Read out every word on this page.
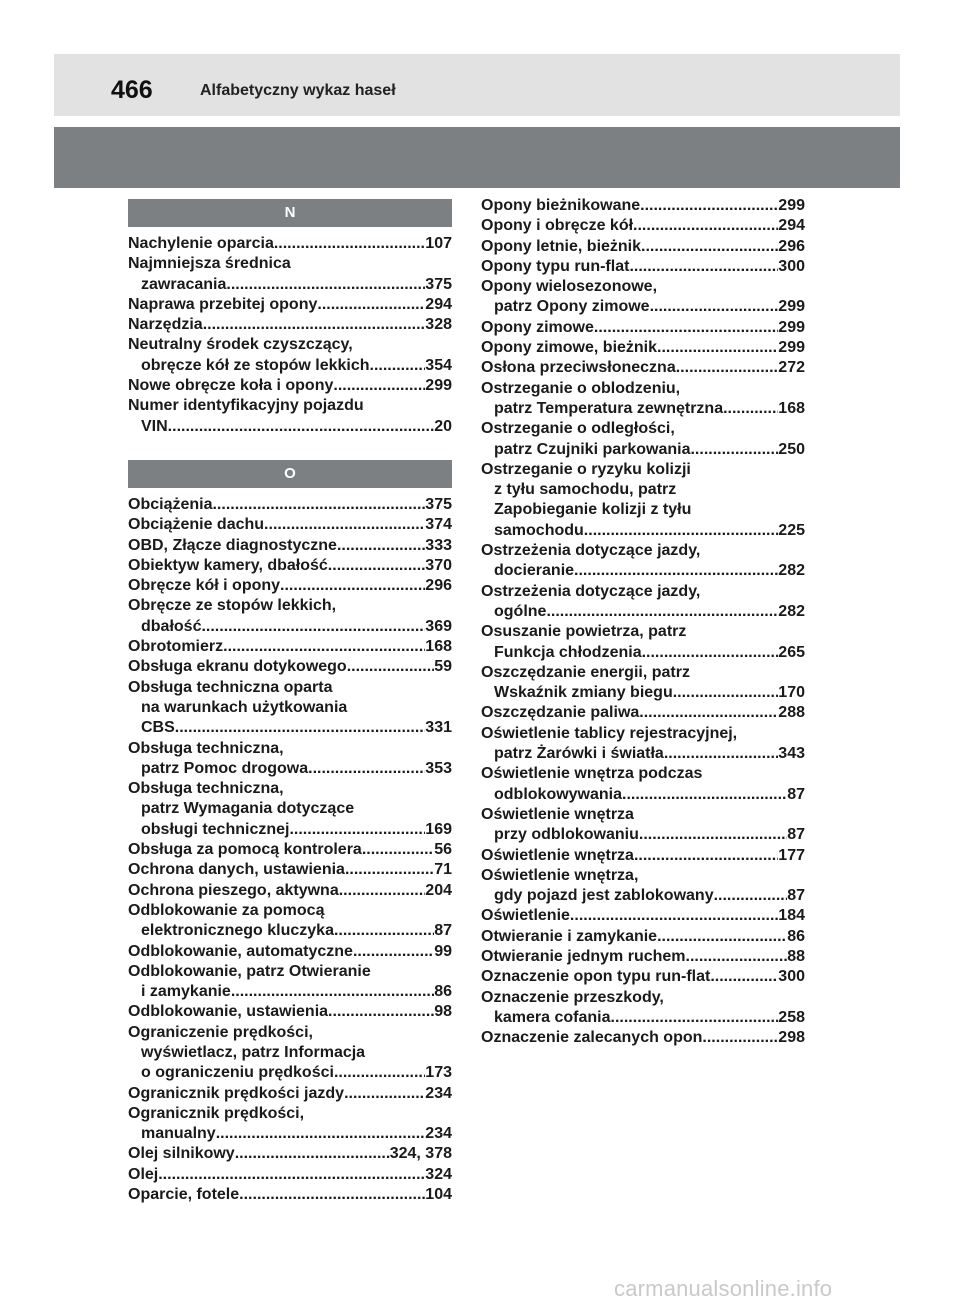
466	Alfabetyczny wykaz haseł
N
Nachylenie oparcia .....	107
Najmniejsza średnica
zawracania .....	375
Naprawa przebitej opony .....	294
Narzędzia .....	328
Neutralny środek czyszczący,
obręcze kół ze stopów lekkich .....	354
Nowe obręcze koła i opony .....	299
Numer identyfikacyjny pojazdu
VIN .....	20
O
Obciążenia .....	375
Obciążenie dachu .....	374
OBD, Złącze diagnostyczne .....	333
Obiektyw kamery, dbałość .....	370
Obręcze kół i opony .....	296
Obręcze ze stopów lekkich,
dbałość .....	369
Obrotomierz .....	168
Obsługa ekranu dotykowego .....	59
Obsługa techniczna oparta
na warunkach użytkowania
CBS .....	331
Obsługa techniczna,
patrz Pomoc drogowa .....	353
Obsługa techniczna,
patrz Wymagania dotyczące
obsługi technicznej .....	169
Obsługa za pomocą kontrolera .....	56
Ochrona danych, ustawienia .....	71
Ochrona pieszego, aktywna .....	204
Odblokowanie za pomocą
elektronicznego kluczyka .....	87
Odblokowanie, automatyczne .....	99
Odblokowanie, patrz Otwieranie
i zamykanie .....	86
Odblokowanie, ustawienia .....	98
Ograniczenie prędkości,
wyświetlacz, patrz Informacja
o ograniczeniu prędkości .....	173
Ogranicznik prędkości jazdy .....	234
Ogranicznik prędkości,
manualny .....	234
Olej silnikowy .....	324, 378
Olej .....	324
Oparcie, fotele .....	104
Opony bieżnikowane .....	299
Opony i obręcze kół .....	294
Opony letnie, bieżnik .....	296
Opony typu run-flat .....	300
Opony wielosezonowe,
patrz Opony zimowe .....	299
Opony zimowe .....	299
Opony zimowe, bieżnik .....	299
Osłona przeciwsłoneczna .....	272
Ostrzeganie o oblodzeniu,
patrz Temperatura zewnętrzna .....	168
Ostrzeganie o odległości,
patrz Czujniki parkowania .....	250
Ostrzeganie o ryzyku kolizji
z tyłu samochodu, patrz
Zapobieganie kolizji z tyłu
samochodu .....	225
Ostrzeżenia dotyczące jazdy,
docieranie .....	282
Ostrzeżenia dotyczące jazdy,
ogólne .....	282
Osuszanie powietrza, patrz
Funkcja chłodzenia .....	265
Oszczędzanie energii, patrz
Wskaźnik zmiany biegu .....	170
Oszczędzanie paliwa .....	288
Oświetlenie tablicy rejestracyjnej,
patrz Żarówki i światła .....	343
Oświetlenie wnętrza podczas
odblokowywania .....	87
Oświetlenie wnętrza
przy odblokowaniu .....	87
Oświetlenie wnętrza .....	177
Oświetlenie wnętrza,
gdy pojazd jest zablokowany .....	87
Oświetlenie .....	184
Otwieranie i zamykanie .....	86
Otwieranie jednym ruchem .....	88
Oznaczenie opon typu run-flat .....	300
Oznaczenie przeszkody,
kamera cofania .....	258
Oznaczenie zalecanych opon .....	298
carmanualsonline.info
